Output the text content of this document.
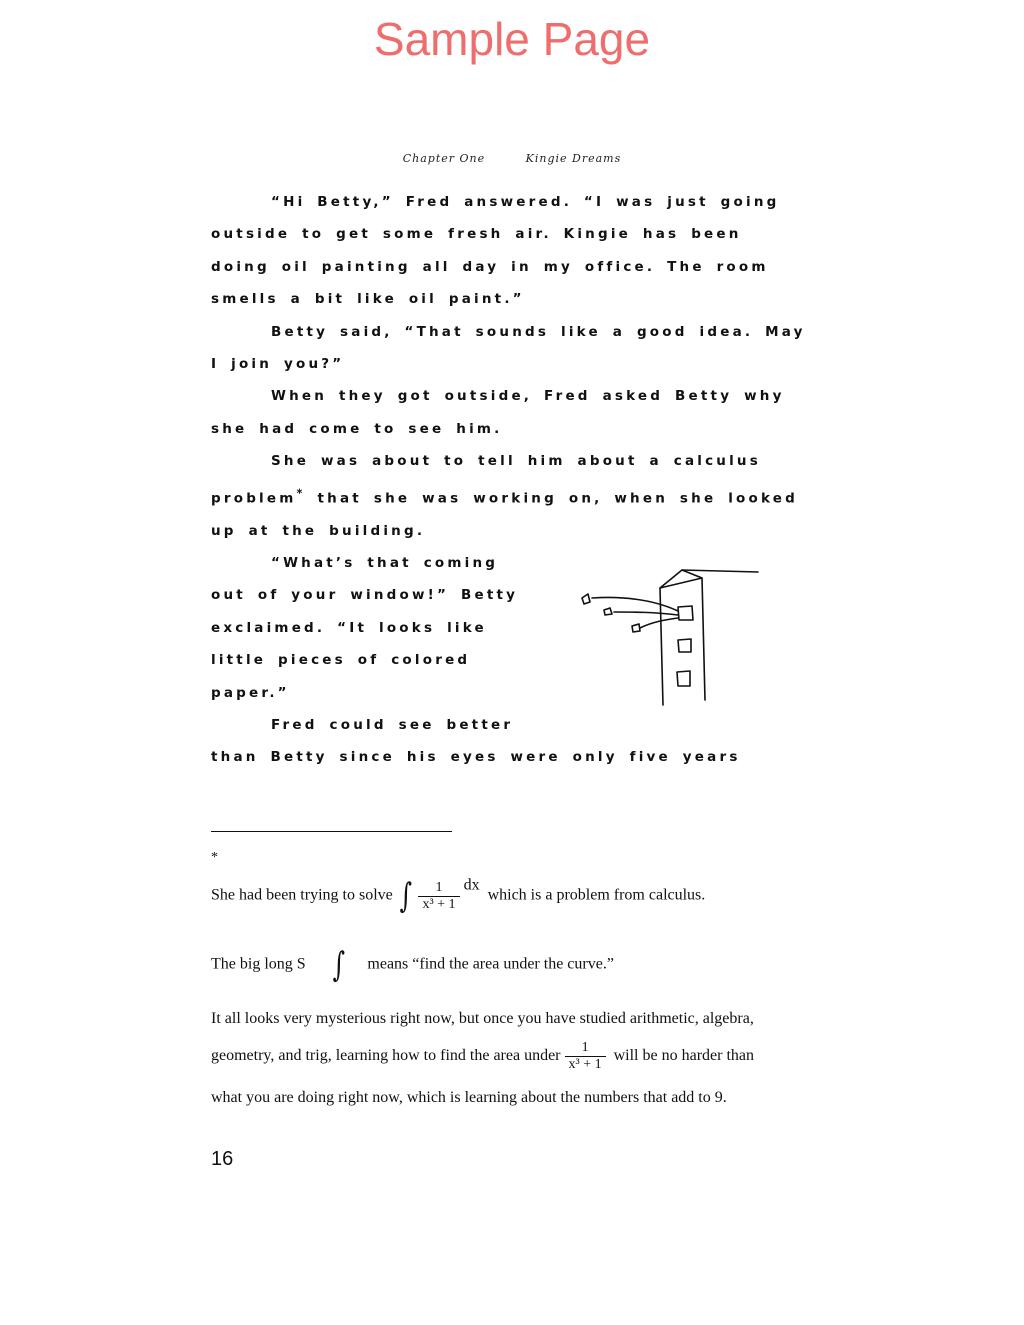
Sample Page
Chapter One	Kingie Dreams

“Hi Betty,” Fred answered. “I was just going outside to get some fresh air. Kingie has been doing oil painting all day in my office. The room smells a bit like oil paint.”

Betty said, “That sounds like a good idea. May I join you?”

When they got outside, Fred asked Betty why she had come to see him.

She was about to tell him about a calculus problem* that she was working on, when she looked up at the building.

“What’s that coming out of your window!” Betty exclaimed. “It looks like little pieces of colored paper.”

Fred could see better
than Betty since his eyes were only five years

*
She had been trying to solve ∫ $\frac{1}{\text{x³ + 1}}$ dx  which is a problem from calculus.
The big long S ∫ means “find the area under the curve.”
It all looks very mysterious right now, but once you have studied arithmetic, algebra,
geometry, and trig, learning how to find the area under $\frac{1}{\text{x³ + 1}}$ will be no harder than
what you are doing right now, which is learning about the numbers that add to 9.
16
